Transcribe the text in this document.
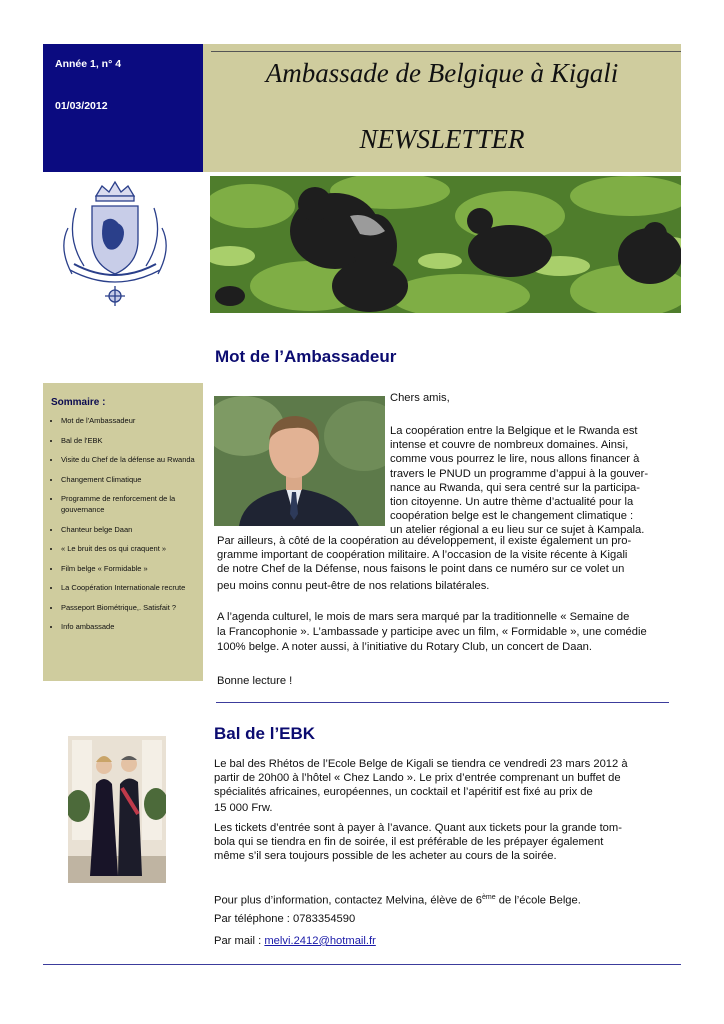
Année 1, n° 4
01/03/2012
Ambassade de Belgique à Kigali
NEWSLETTER
Sommaire :
• Mot de l'Ambassadeur
• Bal de l'EBK
• Visite du Chef de la défense au Rwanda
• Changement Climatique
• Programme de renforcement de la gouvernance
• Chanteur belge Daan
• « Le bruit des os qui craquent »
• Film belge « Formidable »
• La Coopération Internationale recrute
• Passeport Biométrique,. Satisfait ?
• Info ambassade
Mot de l’Ambassadeur
Chers amis,
La coopération entre la Belgique et le Rwanda est
intense et couvre de nombreux domaines. Ainsi,
comme vous pourrez le lire, nous allons financer à
travers le PNUD un programme d’appui à la gouver-
nance au Rwanda, qui sera centré sur la participa-
tion citoyenne. Un autre thème d’actualité pour la
coopération belge est le changement climatique :
un atelier régional a eu lieu sur ce sujet à Kampala.
Par ailleurs, à côté de la coopération au développement, il existe également un pro-
gramme important de coopération militaire. A l’occasion de la visite récente à Kigali
de notre Chef de la Défense, nous faisons le point dans ce numéro sur ce volet un
peu moins connu peut-être de nos relations bilatérales.
A l’agenda culturel, le mois de mars sera marqué par la traditionnelle « Semaine de
la Francophonie ». L’ambassade y participe avec un film, « Formidable », une comédie
100% belge. A noter aussi, à l’initiative du Rotary Club, un concert de Daan.
Bonne lecture !
Bal de l’EBK
Le bal des Rhétos de l’Ecole Belge de Kigali se tiendra ce vendredi 23 mars 2012 à
partir de 20h00 à l’hôtel « Chez Lando ». Le prix d’entrée comprenant un buffet de
spécialités africaines, européennes, un cocktail et l’apéritif est fixé au prix de
15 000 Frw.
Les tickets d’entrée sont à payer à l’avance. Quant aux tickets pour la grande tom-
bola qui se tiendra en fin de soirée, il est préférable de les prépayer également
même s’il sera toujours possible de les acheter au cours de la soirée.
Pour plus d’information, contactez Melvina, élève de 6ème de l’école Belge.
Par téléphone : 0783354590
Par mail : melvi.2412@hotmail.fr
